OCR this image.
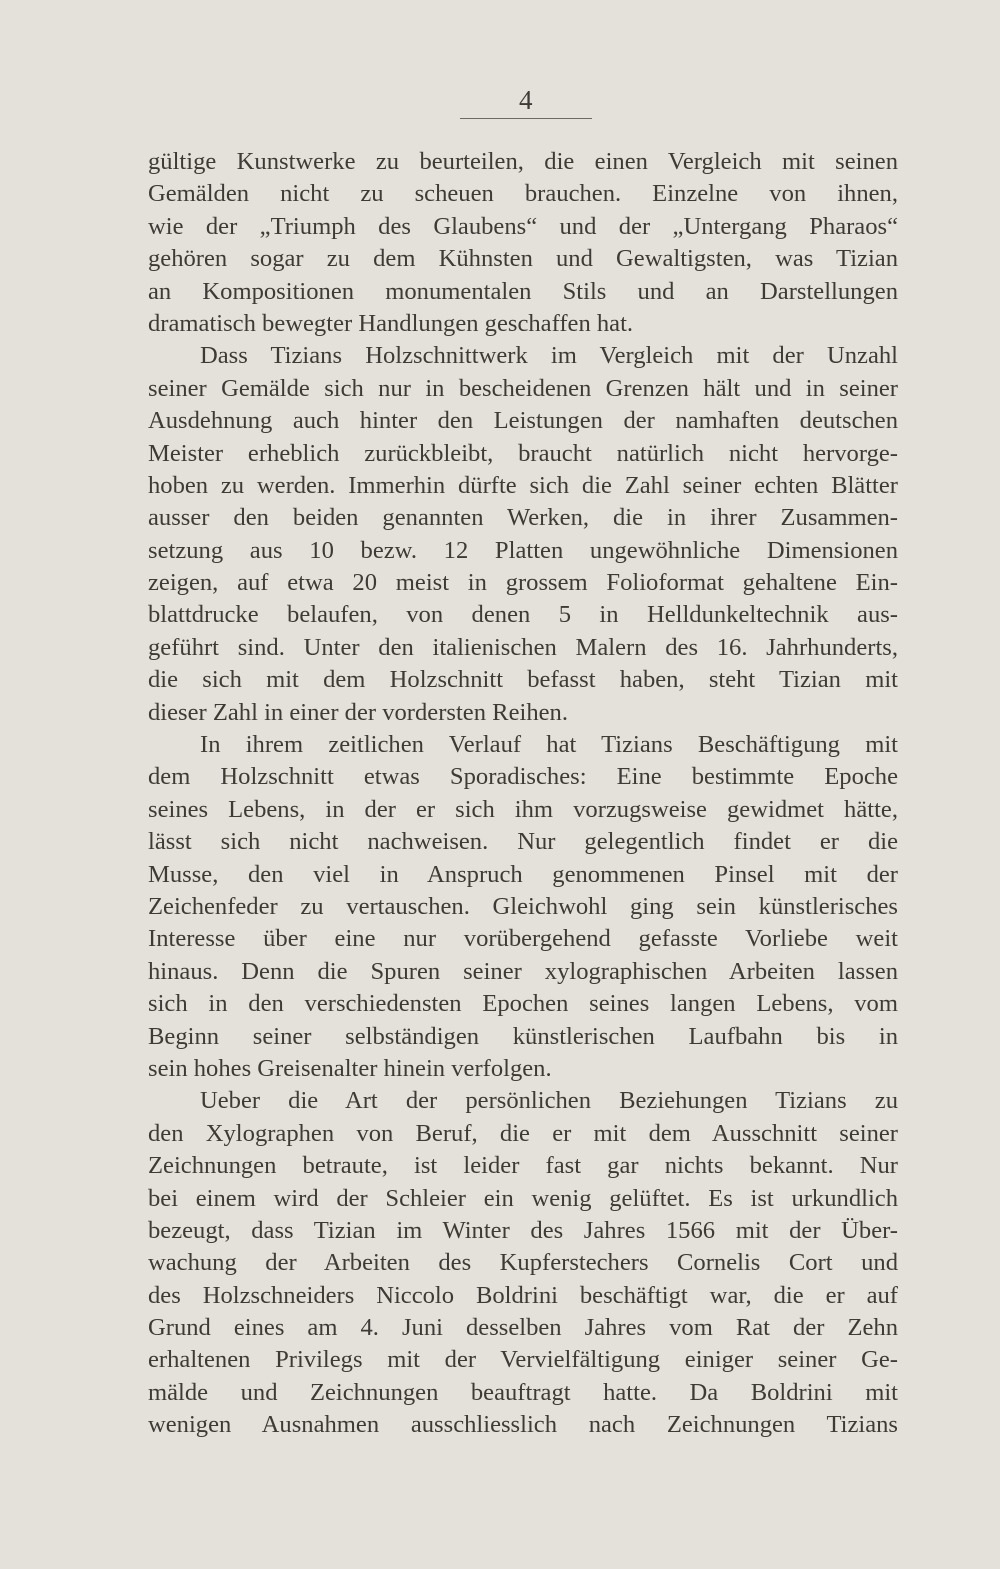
4
gültige Kunstwerke zu beurteilen, die einen Vergleich mit seinen
Gemälden nicht zu scheuen brauchen. Einzelne von ihnen,
wie der „Triumph des Glaubens“ und der „Untergang Pharaos“
gehören sogar zu dem Kühnsten und Gewaltigsten, was Tizian
an Kompositionen monumentalen Stils und an Darstellungen
dramatisch bewegter Handlungen geschaffen hat.
Dass Tizians Holzschnittwerk im Vergleich mit der Unzahl
seiner Gemälde sich nur in bescheidenen Grenzen hält und in seiner
Ausdehnung auch hinter den Leistungen der namhaften deutschen
Meister erheblich zurückbleibt, braucht natürlich nicht hervorge-
hoben zu werden. Immerhin dürfte sich die Zahl seiner echten Blätter
ausser den beiden genannten Werken, die in ihrer Zusammen-
setzung aus 10 bezw. 12 Platten ungewöhnliche Dimensionen
zeigen, auf etwa 20 meist in grossem Folioformat gehaltene Ein-
blattdrucke belaufen, von denen 5 in Helldunkeltechnik aus-
geführt sind. Unter den italienischen Malern des 16. Jahrhunderts,
die sich mit dem Holzschnitt befasst haben, steht Tizian mit
dieser Zahl in einer der vordersten Reihen.
In ihrem zeitlichen Verlauf hat Tizians Beschäftigung mit
dem Holzschnitt etwas Sporadisches: Eine bestimmte Epoche
seines Lebens, in der er sich ihm vorzugsweise gewidmet hätte,
lässt sich nicht nachweisen. Nur gelegentlich findet er die
Musse, den viel in Anspruch genommenen Pinsel mit der
Zeichenfeder zu vertauschen. Gleichwohl ging sein künstlerisches
Interesse über eine nur vorübergehend gefasste Vorliebe weit
hinaus. Denn die Spuren seiner xylographischen Arbeiten lassen
sich in den verschiedensten Epochen seines langen Lebens, vom
Beginn seiner selbständigen künstlerischen Laufbahn bis in
sein hohes Greisenalter hinein verfolgen.
Ueber die Art der persönlichen Beziehungen Tizians zu
den Xylographen von Beruf, die er mit dem Ausschnitt seiner
Zeichnungen betraute, ist leider fast gar nichts bekannt. Nur
bei einem wird der Schleier ein wenig gelüftet. Es ist urkundlich
bezeugt, dass Tizian im Winter des Jahres 1566 mit der Über-
wachung der Arbeiten des Kupferstechers Cornelis Cort und
des Holzschneiders Niccolo Boldrini beschäftigt war, die er auf
Grund eines am 4. Juni desselben Jahres vom Rat der Zehn
erhaltenen Privilegs mit der Vervielfältigung einiger seiner Ge-
mälde und Zeichnungen beauftragt hatte. Da Boldrini mit
wenigen Ausnahmen ausschliesslich nach Zeichnungen Tizians
